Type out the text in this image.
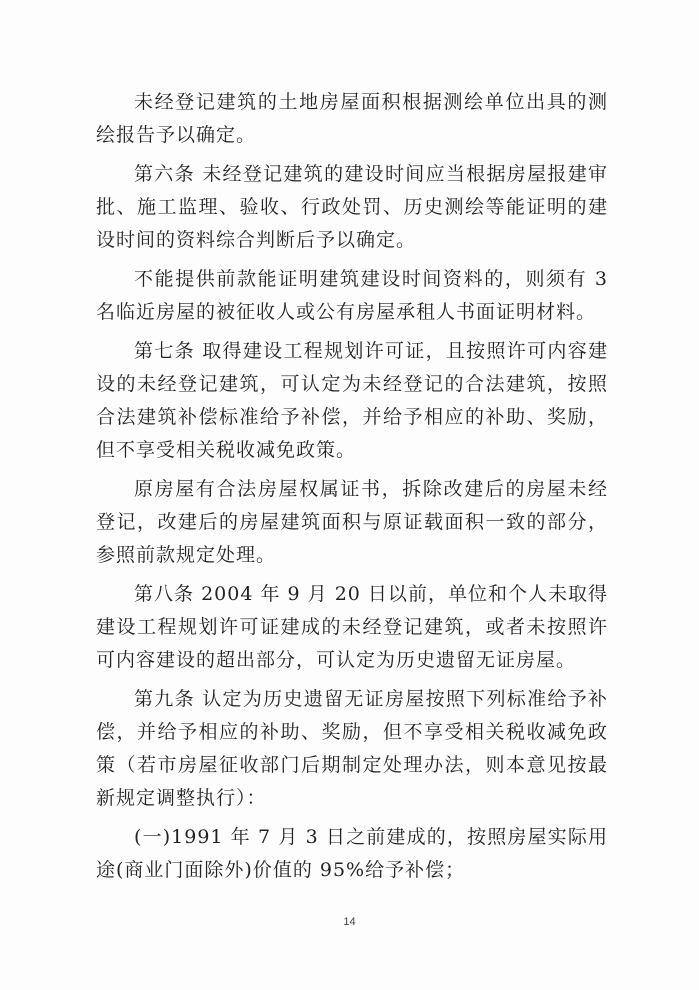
未经登记建筑的土地房屋面积根据测绘单位出具的测绘报告予以确定。

第六条 未经登记建筑的建设时间应当根据房屋报建审批、施工监理、验收、行政处罚、历史测绘等能证明的建设时间的资料综合判断后予以确定。

不能提供前款能证明建筑建设时间资料的，则须有 3 名临近房屋的被征收人或公有房屋承租人书面证明材料。

第七条 取得建设工程规划许可证，且按照许可内容建设的未经登记建筑，可认定为未经登记的合法建筑，按照合法建筑补偿标准给予补偿，并给予相应的补助、奖励，但不享受相关税收减免政策。

原房屋有合法房屋权属证书，拆除改建后的房屋未经登记，改建后的房屋建筑面积与原证载面积一致的部分，参照前款规定处理。

第八条 2004 年 9 月 20 日以前，单位和个人未取得建设工程规划许可证建成的未经登记建筑，或者未按照许可内容建设的超出部分，可认定为历史遗留无证房屋。

第九条 认定为历史遗留无证房屋按照下列标准给予补偿，并给予相应的补助、奖励，但不享受相关税收减免政策（若市房屋征收部门后期制定处理办法，则本意见按最新规定调整执行）：

(一)1991 年 7 月 3 日之前建成的，按照房屋实际用途(商业门面除外)价值的 95%给予补偿；

14
